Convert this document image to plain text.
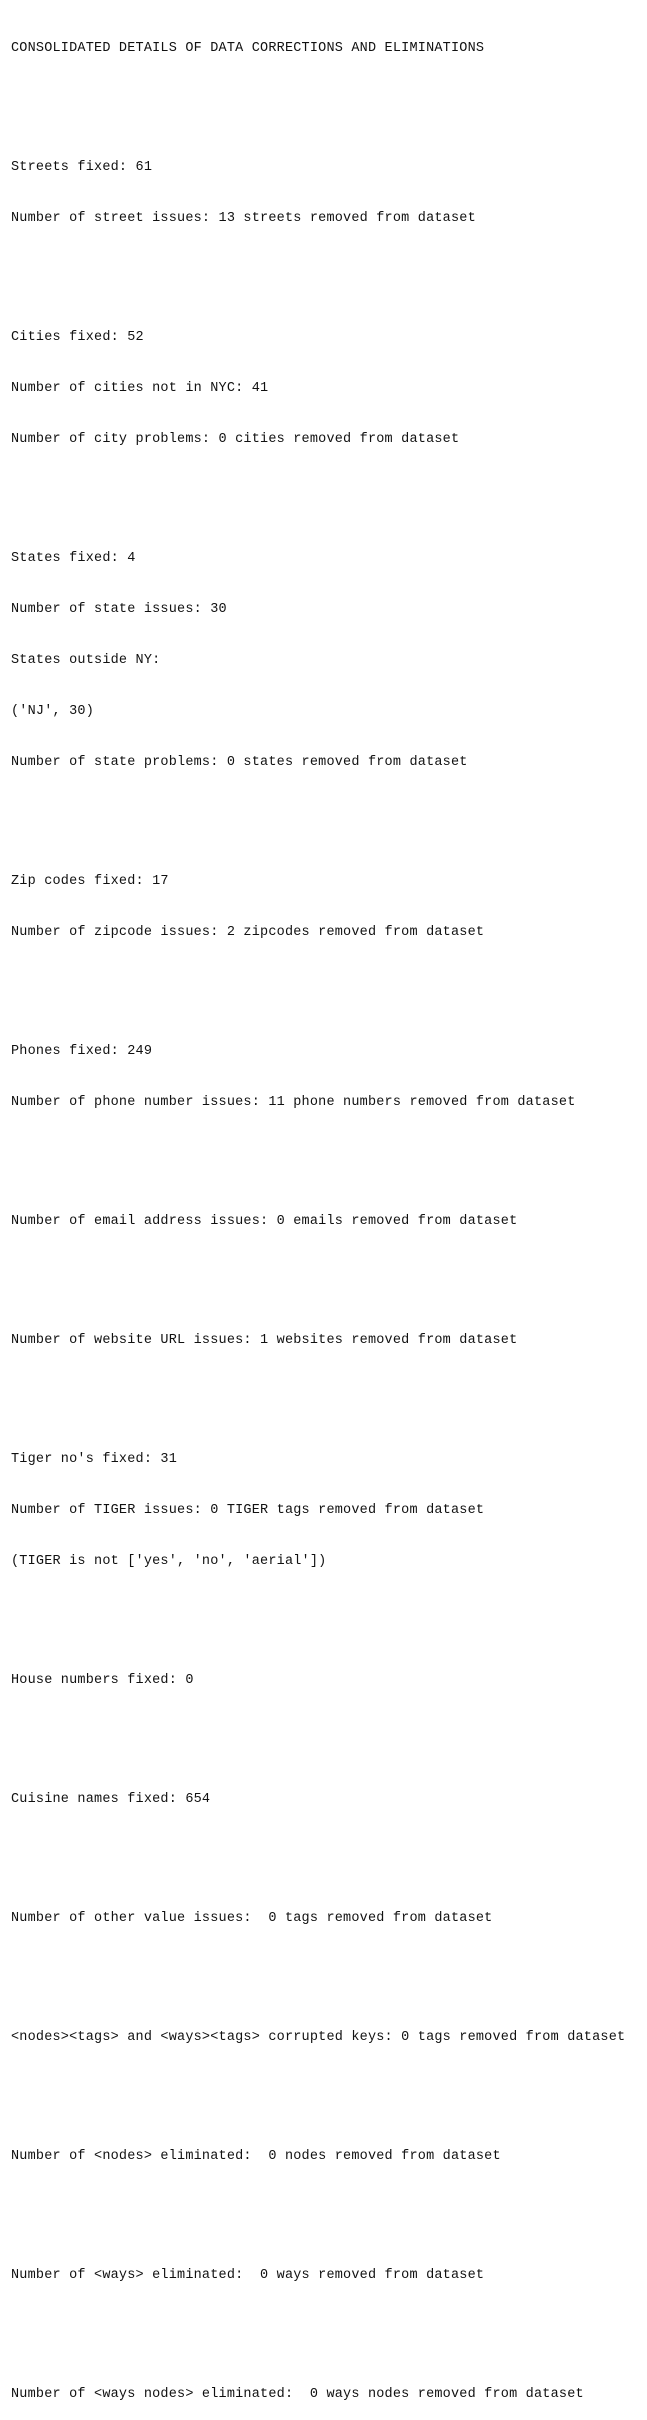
CONSOLIDATED DETAILS OF DATA CORRECTIONS AND ELIMINATIONS

Streets fixed: 61

Number of street issues: 13 streets removed from dataset

Cities fixed: 52

Number of cities not in NYC: 41

Number of city problems: 0 cities removed from dataset

States fixed: 4

Number of state issues: 30

States outside NY:

('NJ', 30)

Number of state problems: 0 states removed from dataset

Zip codes fixed: 17

Number of zipcode issues: 2 zipcodes removed from dataset

Phones fixed: 249

Number of phone number issues: 11 phone numbers removed from dataset

Number of email address issues: 0 emails removed from dataset

Number of website URL issues: 1 websites removed from dataset

Tiger no's fixed: 31

Number of TIGER issues: 0 TIGER tags removed from dataset

(TIGER is not ['yes', 'no', 'aerial'])

House numbers fixed: 0

Cuisine names fixed: 654

Number of other value issues:  0 tags removed from dataset

<nodes><tags> and <ways><tags> corrupted keys: 0 tags removed from dataset

Number of <nodes> eliminated:  0 nodes removed from dataset

Number of <ways> eliminated:  0 ways removed from dataset

Number of <ways nodes> eliminated:  0 ways nodes removed from dataset
